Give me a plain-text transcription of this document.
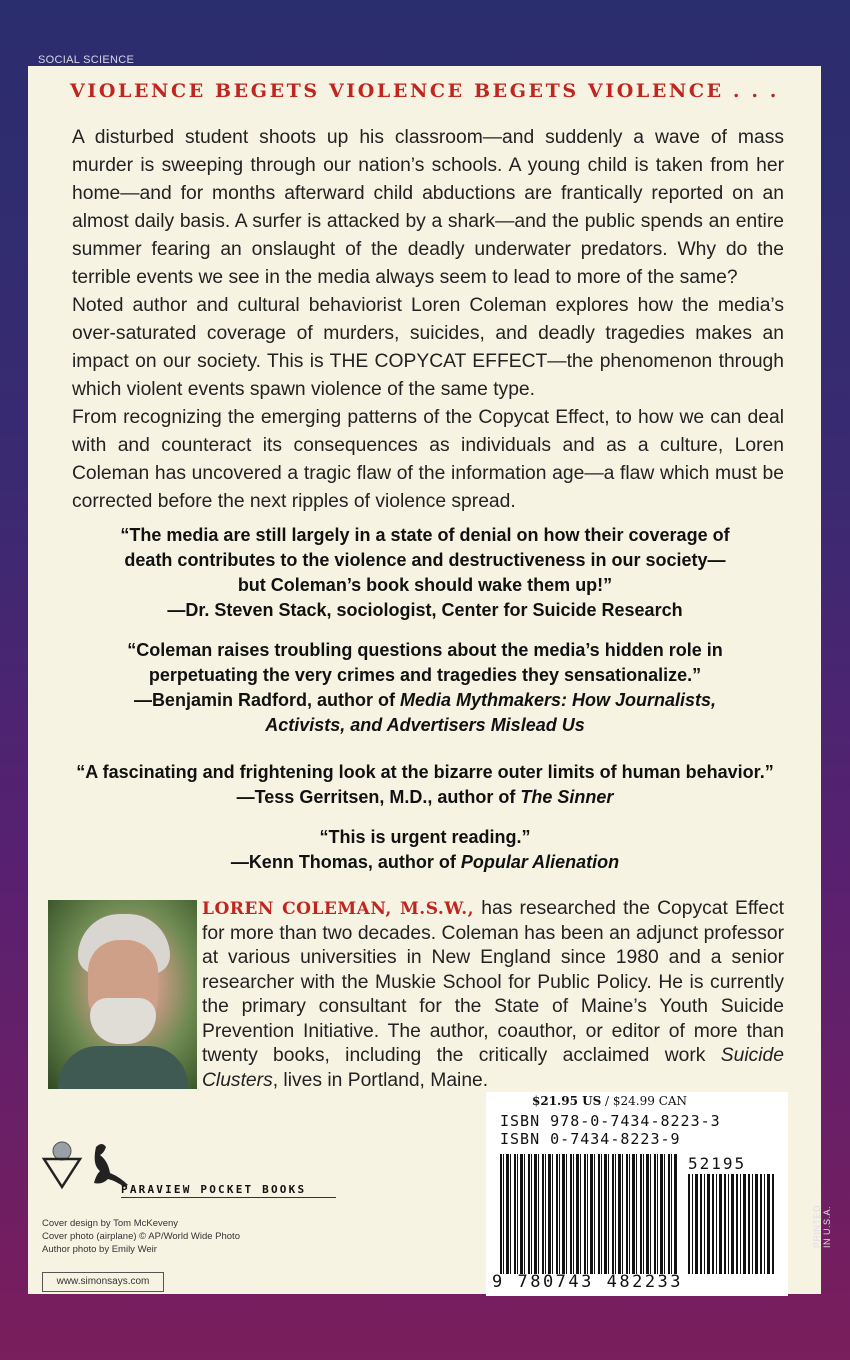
SOCIAL SCIENCE
VIOLENCE BEGETS VIOLENCE BEGETS VIOLENCE . . .

A disturbed student shoots up his classroom—and suddenly a wave of mass murder is sweeping through our nation’s schools. A young child is taken from her home—and for months afterward child abductions are frantically reported on an almost daily basis. A surfer is attacked by a shark—and the public spends an entire summer fearing an onslaught of the deadly underwater predators. Why do the terrible events we see in the media always seem to lead to more of the same?

Noted author and cultural behaviorist Loren Coleman explores how the media’s over-saturated coverage of murders, suicides, and deadly tragedies makes an impact on our society. This is THE COPYCAT EFFECT—the phenomenon through which violent events spawn violence of the same type.

From recognizing the emerging patterns of the Copycat Effect, to how we can deal with and counteract its consequences as individuals and as a culture, Loren Coleman has uncovered a tragic flaw of the information age—a flaw which must be corrected before the next ripples of violence spread.

“The media are still largely in a state of denial on how their coverage of
death contributes to the violence and destructiveness in our society—
but Coleman’s book should wake them up!”
—Dr. Steven Stack, sociologist, Center for Suicide Research
“Coleman raises troubling questions about the media’s hidden role in
perpetuating the very crimes and tragedies they sensationalize.”
—Benjamin Radford, author of Media Mythmakers: How Journalists,
Activists, and Advertisers Mislead Us
“A fascinating and frightening look at the bizarre outer limits of human behavior.”
—Tess Gerritsen, M.D., author of The Sinner
“This is urgent reading.”
—Kenn Thomas, author of Popular Alienation

LOREN COLEMAN, M.S.W., has researched the Copycat Effect for more than two decades. Coleman has been an adjunct professor at various universities in New England since 1980 and a senior researcher with the Muskie School for Public Policy. He is currently the primary consultant for the State of Maine’s Youth Suicide Prevention Initiative. The author, coauthor, or editor of more than twenty books, including the critically acclaimed work Suicide Clusters, lives in Portland, Maine.

$21.95 US / $24.99 CAN
ISBN 978-0-7434-8223-3
ISBN 0-7434-8223-9
52195
9 780743 482233
PARAVIEW POCKET BOOKS
Cover design by Tom McKeveny
Cover photo (airplane) © AP/World Wide Photo
Author photo by Emily Weir
www.simonsays.com
PRINTED IN U.S.A.
